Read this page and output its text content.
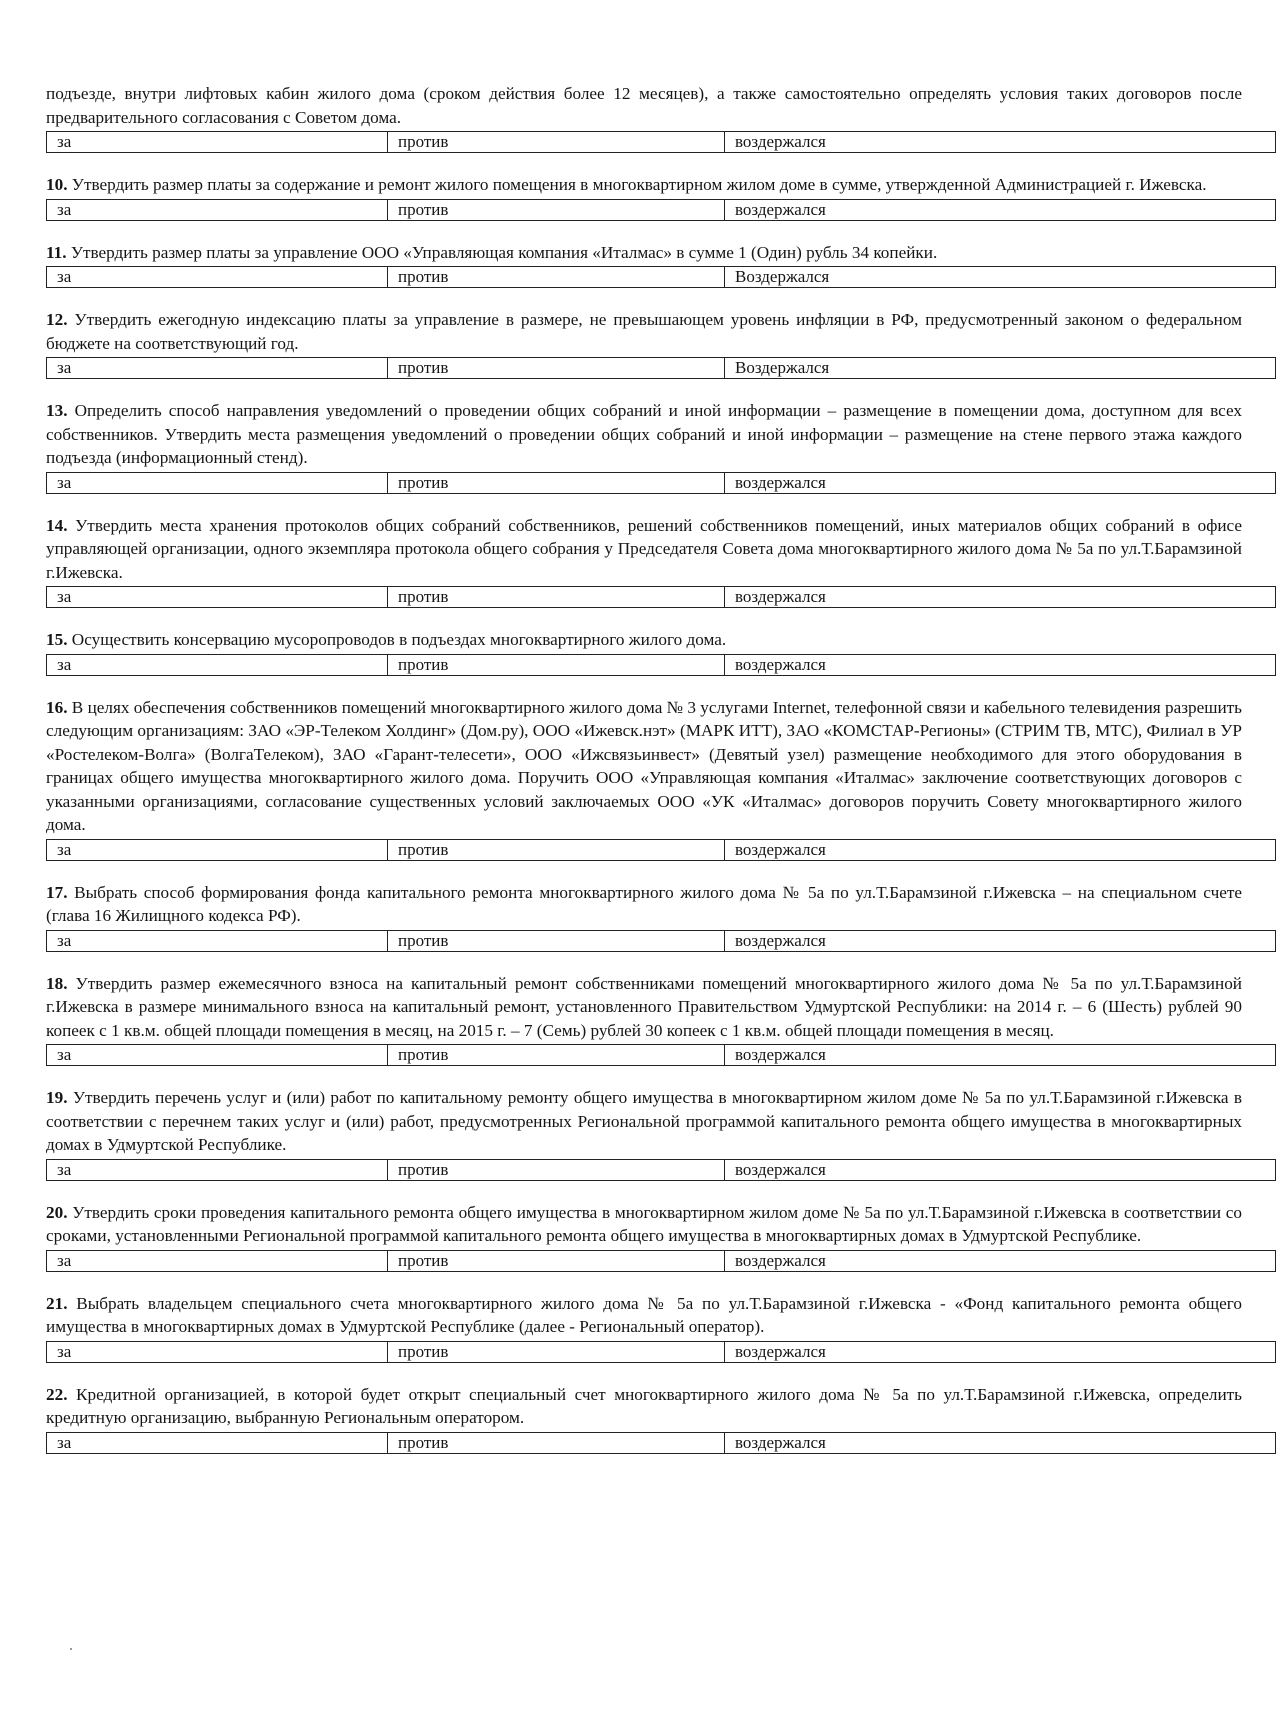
подъезде, внутри лифтовых кабин жилого дома (сроком действия более 12 месяцев), а также самостоятельно определять условия таких договоров после предварительного согласования с Советом дома.

за	против	воздержался

10. Утвердить размер платы за содержание и ремонт жилого помещения в многоквартирном жилом доме в сумме, утвержденной Администрацией г. Ижевска.

за	против	воздержался

11. Утвердить размер платы за управление ООО «Управляющая компания «Италмас» в сумме 1 (Один) рубль 34 копейки.

за	против	Воздержался

12. Утвердить ежегодную индексацию платы за управление в размере, не превышающем уровень инфляции в РФ, предусмотренный законом о федеральном бюджете на соответствующий год.

за	против	Воздержался

13. Определить способ направления уведомлений о проведении общих собраний и иной информации – размещение в помещении дома, доступном для всех собственников. Утвердить места размещения уведомлений о проведении общих собраний и иной информации – размещение на стене первого этажа каждого подъезда (информационный стенд).

за	против	воздержался

14. Утвердить места хранения протоколов общих собраний собственников, решений собственников помещений, иных материалов общих собраний в офисе управляющей организации, одного экземпляра протокола общего собрания у Председателя Совета дома многоквартирного жилого дома № 5а по ул.Т.Барамзиной г.Ижевска.

за	против	воздержался

15. Осуществить консервацию мусоропроводов в подъездах многоквартирного жилого дома.

за	против	воздержался

16. В целях обеспечения собственников помещений многоквартирного жилого дома № 3 услугами Internet, телефонной связи и кабельного телевидения разрешить следующим организациям: ЗАО «ЭР-Телеком Холдинг» (Дом.ру), ООО «Ижевск.нэт» (МАРК ИТТ), ЗАО «КОМСТАР-Регионы» (СТРИМ ТВ, МТС), Филиал в УР «Ростелеком-Волга» (ВолгаТелеком), ЗАО «Гарант-телесети», ООО «Ижсвязьинвест» (Девятый узел) размещение необходимого для этого оборудования в границах общего имущества многоквартирного жилого дома. Поручить ООО «Управляющая компания «Италмас» заключение соответствующих договоров с указанными организациями, согласование существенных условий заключаемых ООО «УК «Италмас» договоров поручить Совету многоквартирного жилого дома.

за	против	воздержался

17. Выбрать способ формирования фонда капитального ремонта многоквартирного жилого дома № 5а по ул.Т.Барамзиной г.Ижевска – на специальном счете (глава 16 Жилищного кодекса РФ).

за	против	воздержался

18. Утвердить размер ежемесячного взноса на капитальный ремонт собственниками помещений многоквартирного жилого дома № 5а по ул.Т.Барамзиной г.Ижевска в размере минимального взноса на капитальный ремонт, установленного Правительством Удмуртской Республики: на 2014 г. – 6 (Шесть) рублей 90 копеек с 1 кв.м. общей площади помещения в месяц, на 2015 г. – 7 (Семь) рублей 30 копеек с 1 кв.м. общей площади помещения в месяц.

за	против	воздержался

19. Утвердить перечень услуг и (или) работ по капитальному ремонту общего имущества в многоквартирном жилом доме № 5а по ул.Т.Барамзиной г.Ижевска в соответствии с перечнем таких услуг и (или) работ, предусмотренных Региональной программой капитального ремонта общего имущества в многоквартирных домах в Удмуртской Республике.

за	против	воздержался

20. Утвердить сроки проведения капитального ремонта общего имущества в многоквартирном жилом доме № 5а по ул.Т.Барамзиной г.Ижевска в соответствии со сроками, установленными Региональной программой капитального ремонта общего имущества в многоквартирных домах в Удмуртской Республике.

за	против	воздержался

21. Выбрать владельцем специального счета многоквартирного жилого дома № 5а по ул.Т.Барамзиной г.Ижевска - «Фонд капитального ремонта общего имущества в многоквартирных домах в Удмуртской Республике (далее - Региональный оператор).

за	против	воздержался

22. Кредитной организацией, в которой будет открыт специальный счет многоквартирного жилого дома № 5а по ул.Т.Барамзиной г.Ижевска, определить кредитную организацию, выбранную Региональным оператором.

за	против	воздержался
